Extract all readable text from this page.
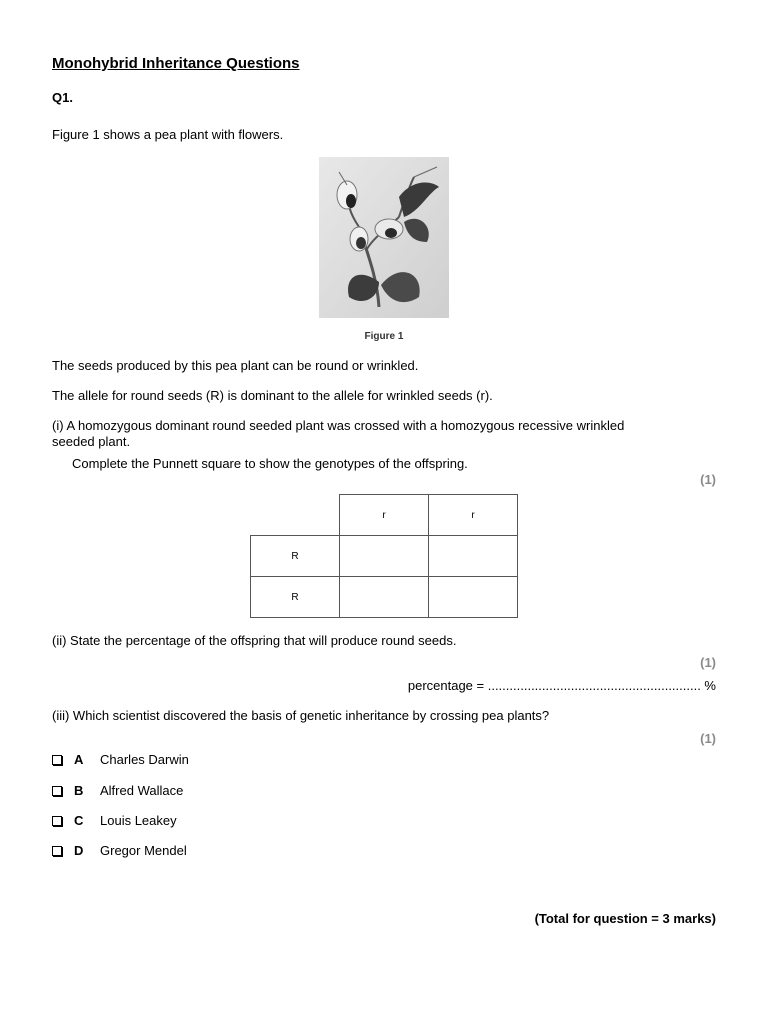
Monohybrid Inheritance Questions
Q1.
Figure 1 shows a pea plant with flowers.
Figure 1
The seeds produced by this pea plant can be round or wrinkled.
The allele for round seeds (R) is dominant to the allele for wrinkled seeds (r).
(i) A homozygous dominant round seeded plant was crossed with a homozygous recessive wrinkled
seeded plant.
Complete the Punnett square to show the genotypes of the offspring.
(1)
	r	r
R		
R		
(ii) State the percentage of the offspring that will produce round seeds.
(1)
percentage = ........................................................... %
(iii) Which scientist discovered the basis of genetic inheritance by crossing pea plants?
(1)
A	Charles Darwin
B	Alfred Wallace
C	Louis Leakey
D	Gregor Mendel
(Total for question = 3 marks)
